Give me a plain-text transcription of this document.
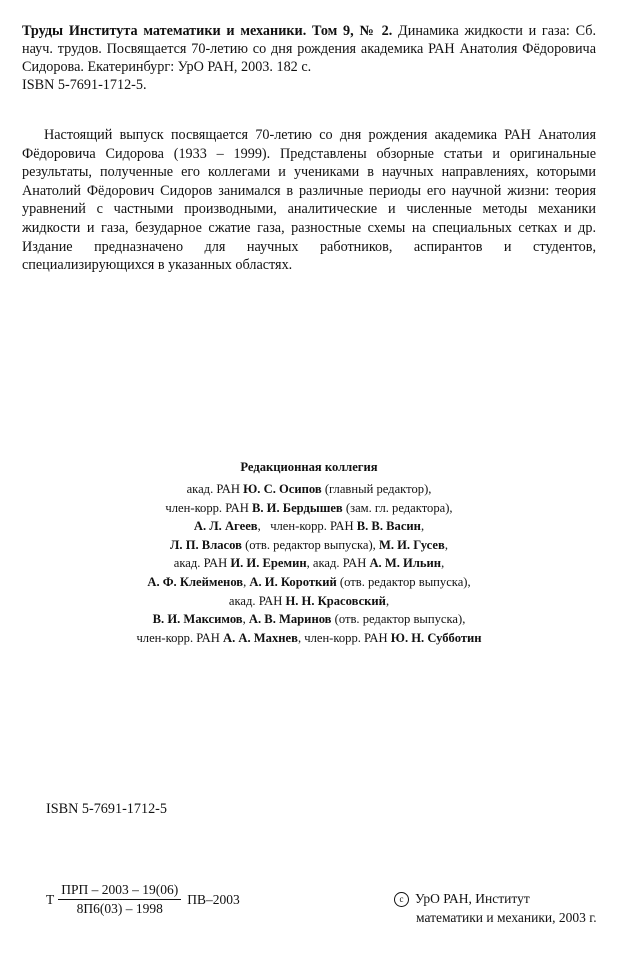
Труды Института математики и механики. Том 9, № 2. Динамика жидкости и газа: Сб. науч. трудов. Посвящается 70-летию со дня рождения академика РАН Анатолия Фёдоровича Сидорова. Екатеринбург: УрО РАН, 2003. 182 с.
ISBN 5-7691-1712-5.
Настоящий выпуск посвящается 70-летию со дня рождения академика РАН Анатолия Фёдоровича Сидорова (1933 – 1999). Представлены обзорные статьи и оригинальные результаты, полученные его коллегами и учениками в научных направлениях, которыми Анатолий Фёдорович Сидоров занимался в различные периоды его научной жизни: теория уравнений с частными производными, аналитические и численные методы механики жидкости и газа, безударное сжатие газа, разностные схемы на специальных сетках и др. Издание предназначено для научных работников, аспирантов и студентов, специализирующихся в указанных областях.
Редакционная коллегия
акад. РАН Ю. С. Осипов (главный редактор),
член-корр. РАН В. И. Бердышев (зам. гл. редактора),
А. Л. Агеев,   член-корр. РАН В. В. Васин,
Л. П. Власов (отв. редактор выпуска), М. И. Гусев,
акад. РАН И. И. Еремин, акад. РАН А. М. Ильин,
А. Ф. Клейменов, А. И. Короткий (отв. редактор выпуска),
акад. РАН Н. Н. Красовский,
В. И. Максимов, А. В. Маринов (отв. редактор выпуска),
член-корр. РАН А. А. Махнев, член-корр. РАН Ю. Н. Субботин
ISBN 5-7691-1712-5
Т $\frac{\text{ПРП – 2003 – 19(06)}}{8П6(03) - 1998} ПВ-2003$	c УрО РАН, Институт
математики и механики, 2003 г.
